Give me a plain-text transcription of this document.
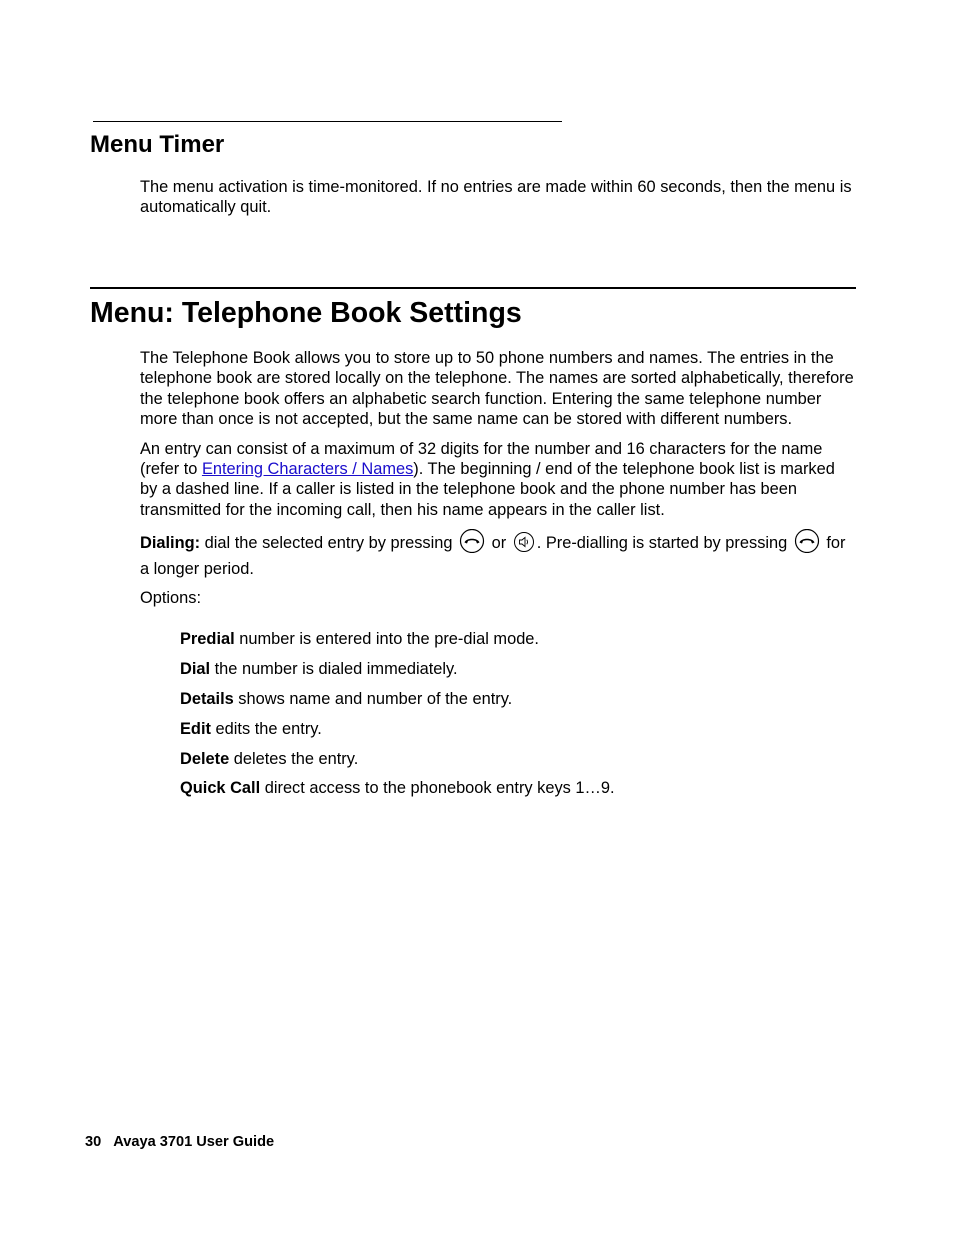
Menu Timer

The menu activation is time-monitored. If no entries are made within 60 seconds, then the menu is automatically quit.

Menu: Telephone Book Settings

The Telephone Book allows you to store up to 50 phone numbers and names. The entries in the telephone book are stored locally on the telephone. The names are sorted alphabetically, therefore the telephone book offers an alphabetic search function. Entering the same telephone number more than once is not accepted, but the same name can be stored with different numbers.

An entry can consist of a maximum of 32 digits for the number and 16 characters for the name (refer to Entering Characters / Names). The beginning / end of the telephone book list is marked by a dashed line. If a caller is listed in the telephone book and the phone number has been transmitted for the incoming call, then his name appears in the caller list.

Dialing: dial the selected entry by pressing  or . Pre-dialling is started by pressing  for a longer period.

Options:

Predial number is entered into the pre-dial mode.

Dial the number is dialed immediately.

Details shows name and number of the entry.

Edit edits the entry.

Delete deletes the entry.

Quick Call direct access to the phonebook entry keys 1…9.

30 Avaya 3701 User Guide
